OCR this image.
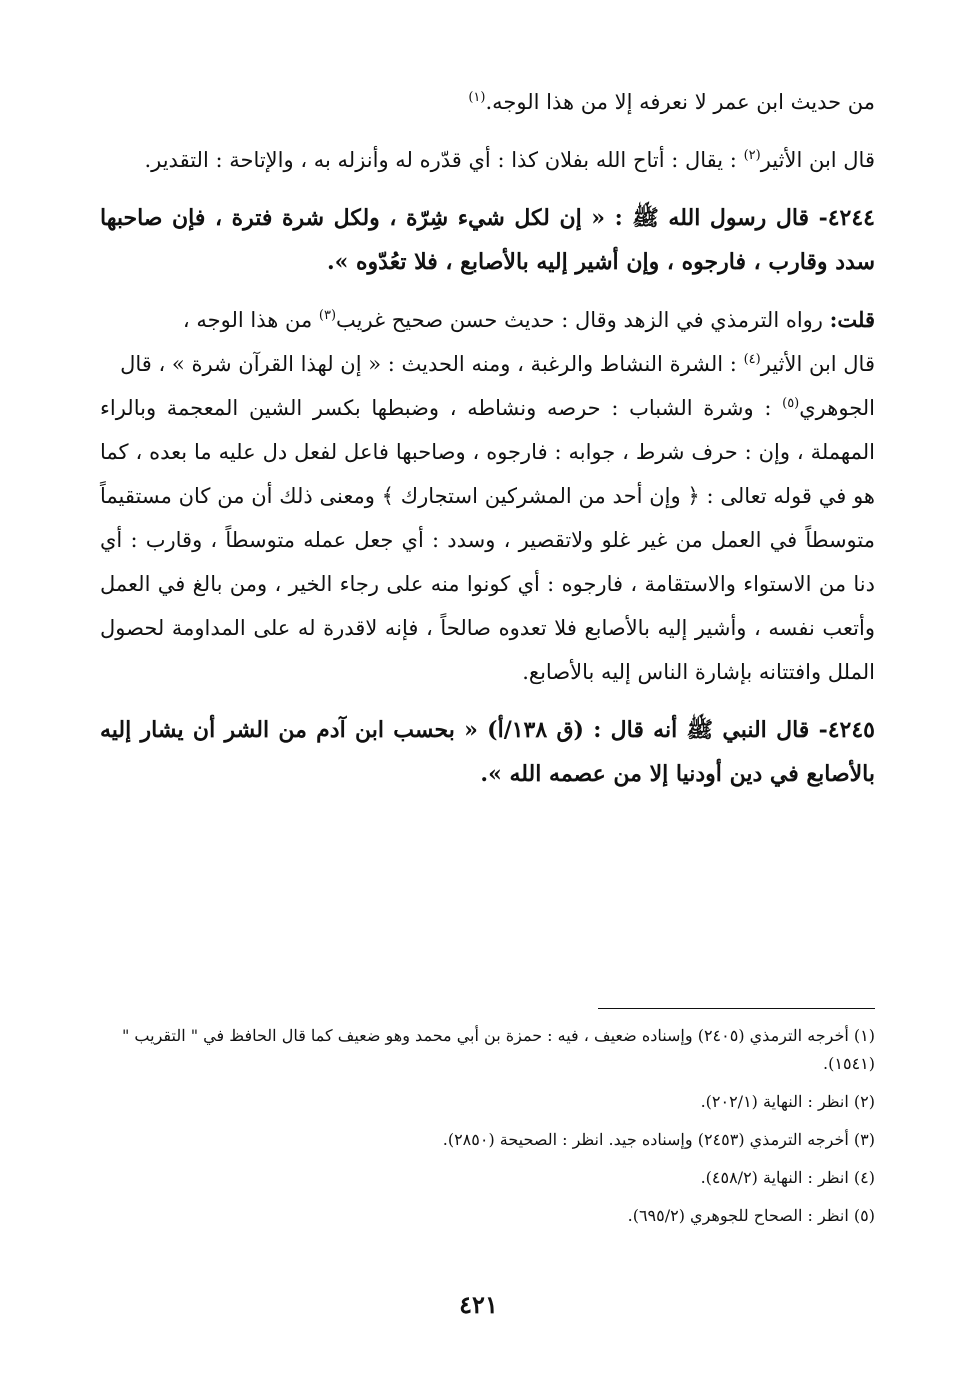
من حديث ابن عمر لا نعرفه إلا من هذا الوجه.$^{(١)}$

قال ابن الأثير$^{(٢)}$ : يقال : أتاح الله بفلان كذا : أي قدّره له وأنزله به ، والإتاحة : التقدير.

٤٢٤٤- قال رسول الله ﷺ : « إن لكل شيء شِرّة ، ولكل شرة فترة ، فإن صاحبها سدد وقارب ، فارجوه ، وإن أشير إليه بالأصابع ، فلا تعُدّوه ».

قلت: رواه الترمذي في الزهد وقال : حديث حسن صحيح غريب$^{(٣)}$ من هذا الوجه ،
قال ابن الأثير$^{(٤)}$ : الشرة النشاط والرغبة ، ومنه الحديث : « إن لهذا القرآن شرة » ، قال
الجوهري$^{(٥)}$ : وشرة الشباب : حرصه ونشاطه ، وضبطها بكسر الشين المعجمة وبالراء المهملة ، وإن : حرف شرط ، جوابه : فارجوه ، وصاحبها فاعل لفعل دل عليه ما بعده ، كما هو في قوله تعالى : ﴿ وإن أحد من المشركين استجارك ﴾ ومعنى ذلك أن من كان مستقيماً متوسطاً في العمل من غير غلو ولاتقصير ، وسدد : أي جعل عمله متوسطاً ، وقارب : أي دنا من الاستواء والاستقامة ، فارجوه : أي كونوا منه على رجاء الخير ، ومن بالغ في العمل وأتعب نفسه ، وأشير إليه بالأصابع فلا تعدوه صالحاً ، فإنه لاقدرة له على المداومة لحصول الملل وافتتانه بإشارة الناس إليه بالأصابع.

٤٢٤٥- قال النبي ﷺ أنه قال : (ق ١٣٨/أ) « بحسب ابن آدم من الشر أن يشار إليه بالأصابع في دين أودنيا إلا من عصمه الله ».

(١) أخرجه الترمذي (٢٤٠٥) وإسناده ضعيف ، فيه : حمزة بن أبي محمد وهو ضعيف كما قال الحافظ في " التقريب " (١٥٤١).

(٢) انظر : النهاية (٢٠٢/١).

(٣) أخرجه الترمذي (٢٤٥٣) وإسناده جيد. انظر : الصحيحة (٢٨٥٠).

(٤) انظر : النهاية (٤٥٨/٢).

(٥) انظر : الصحاح للجوهري (٦٩٥/٢).

٤٢١
